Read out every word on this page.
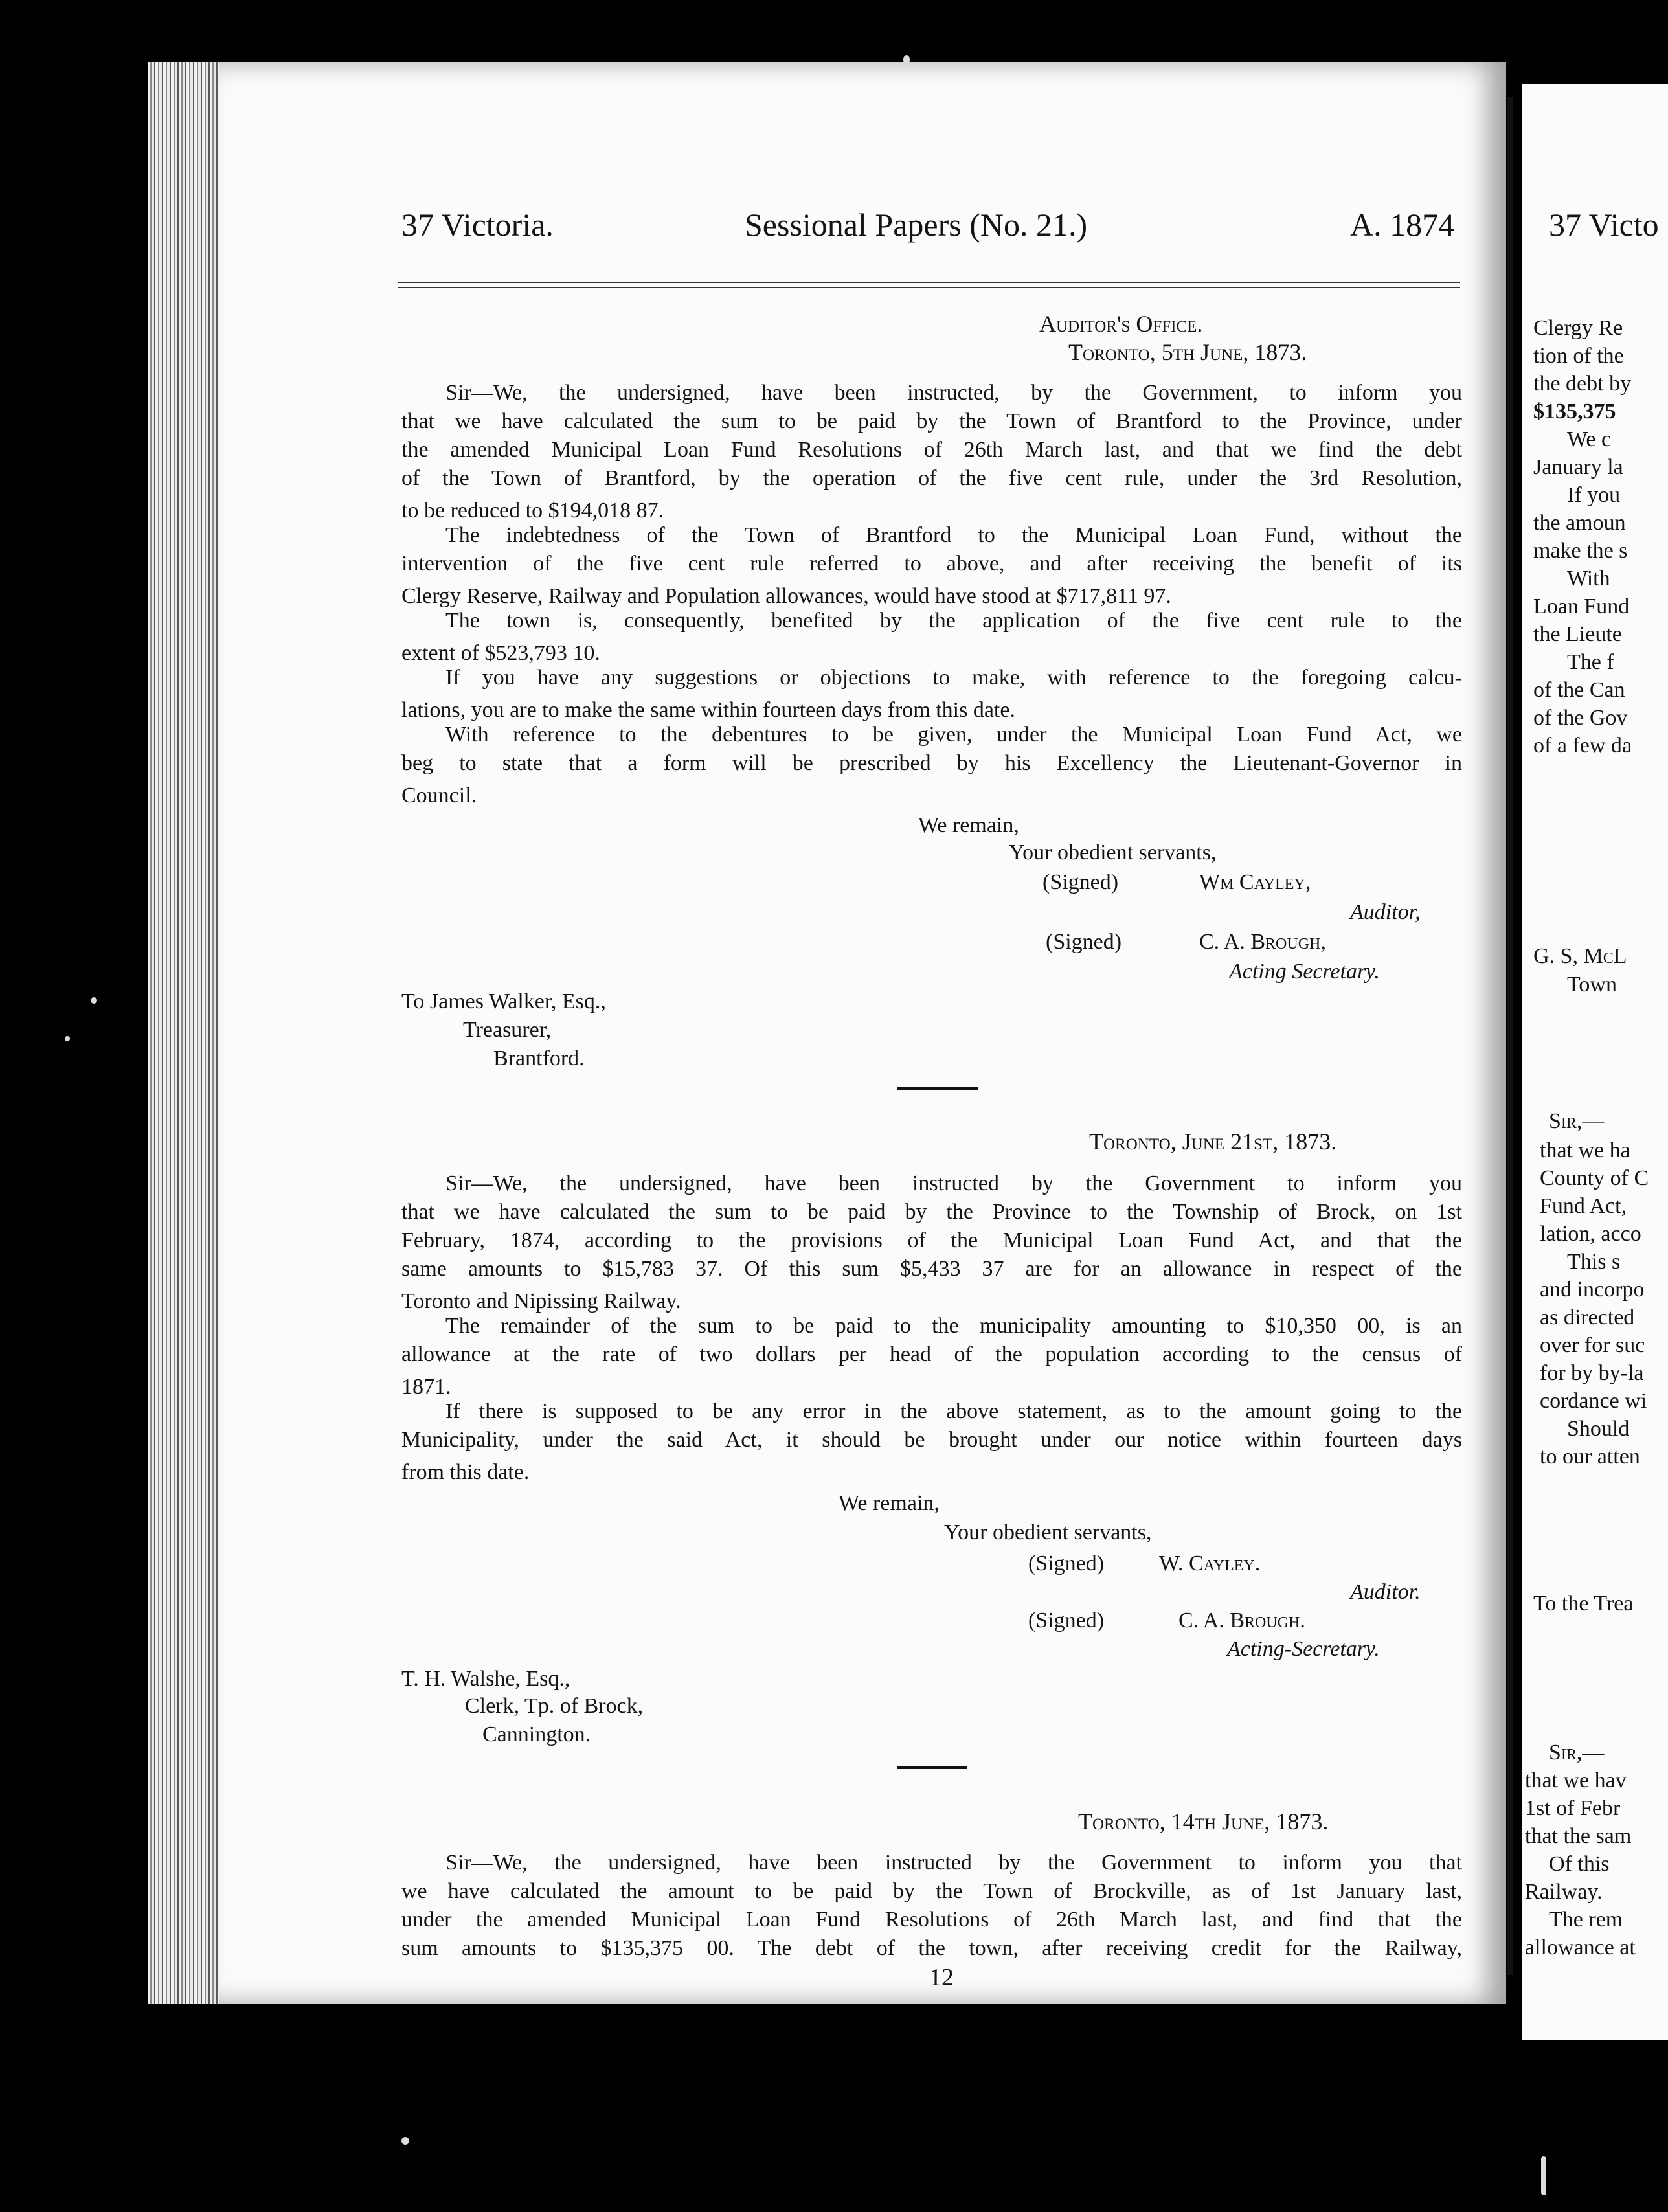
37 Victoria.	Sessional Papers (No. 21.)	A. 1874
Auditor's Office.
Toronto, 5th June, 1873.
Sir—We, the undersigned, have been instructed, by the Government, to inform you
that we have calculated the sum to be paid by the Town of Brantford to the Province, under
the amended Municipal Loan Fund Resolutions of 26th March last, and that we find the debt
of the Town of Brantford, by the operation of the five cent rule, under the 3rd Resolution,
to be reduced to $194,018 87.
The indebtedness of the Town of Brantford to the Municipal Loan Fund, without the
intervention of the five cent rule referred to above, and after receiving the benefit of its
Clergy Reserve, Railway and Population allowances, would have stood at $717,811 97.
The town is, consequently, benefited by the application of the five cent rule to the
extent of $523,793 10.
If you have any suggestions or objections to make, with reference to the foregoing calcu-
lations, you are to make the same within fourteen days from this date.
With reference to the debentures to be given, under the Municipal Loan Fund Act, we
beg to state that a form will be prescribed by his Excellency the Lieutenant-Governor in
Council.
We remain,
Your obedient servants,
(Signed)	Wm Cayley,
Auditor,
(Signed)	C. A. Brough,
Acting Secretary.
To James Walker, Esq.,
Treasurer,
Brantford.
Toronto, June 21st, 1873.
Sir—We, the undersigned, have been instructed by the Government to inform you
that we have calculated the sum to be paid by the Province to the Township of Brock, on 1st
February, 1874, according to the provisions of the Municipal Loan Fund Act, and that the
same amounts to $15,783 37. Of this sum $5,433 37 are for an allowance in respect of the
Toronto and Nipissing Railway.
The remainder of the sum to be paid to the municipality amounting to $10,350 00, is an
allowance at the rate of two dollars per head of the population according to the census of
1871.
If there is supposed to be any error in the above statement, as to the amount going to the
Municipality, under the said Act, it should be brought under our notice within fourteen days
from this date.
We remain,
Your obedient servants,
(Signed) W. Cayley.
Auditor.
(Signed)	C. A. Brough.
Acting-Secretary.
T. H. Walshe, Esq.,
Clerk, Tp. of Brock,
Cannington.
Toronto, 14th June, 1873.
Sir—We, the undersigned, have been instructed by the Government to inform you that
we have calculated the amount to be paid by the Town of Brockville, as of 1st January last,
under the amended Municipal Loan Fund Resolutions of 26th March last, and find that the
sum amounts to $135,375 00. The debt of the town, after receiving credit for the Railway,
12
37 Victo
Clergy Re
tion of the
the debt by
$135,375
We c
January la
If you
the amoun
make the s
With
Loan Fund
the Lieute
The f
of the Can
of the Gov
of a few da
G. S, McL
Town
Sir,—
that we ha
County of C
Fund Act,
lation, acco
This s
and incorpo
as directed
over for suc
for by by-la
cordance wi
Should
to our atten
To the Trea
Sir,—
that we hav
1st of Febr
that the sam
Of this
Railway.
The rem
allowance at
